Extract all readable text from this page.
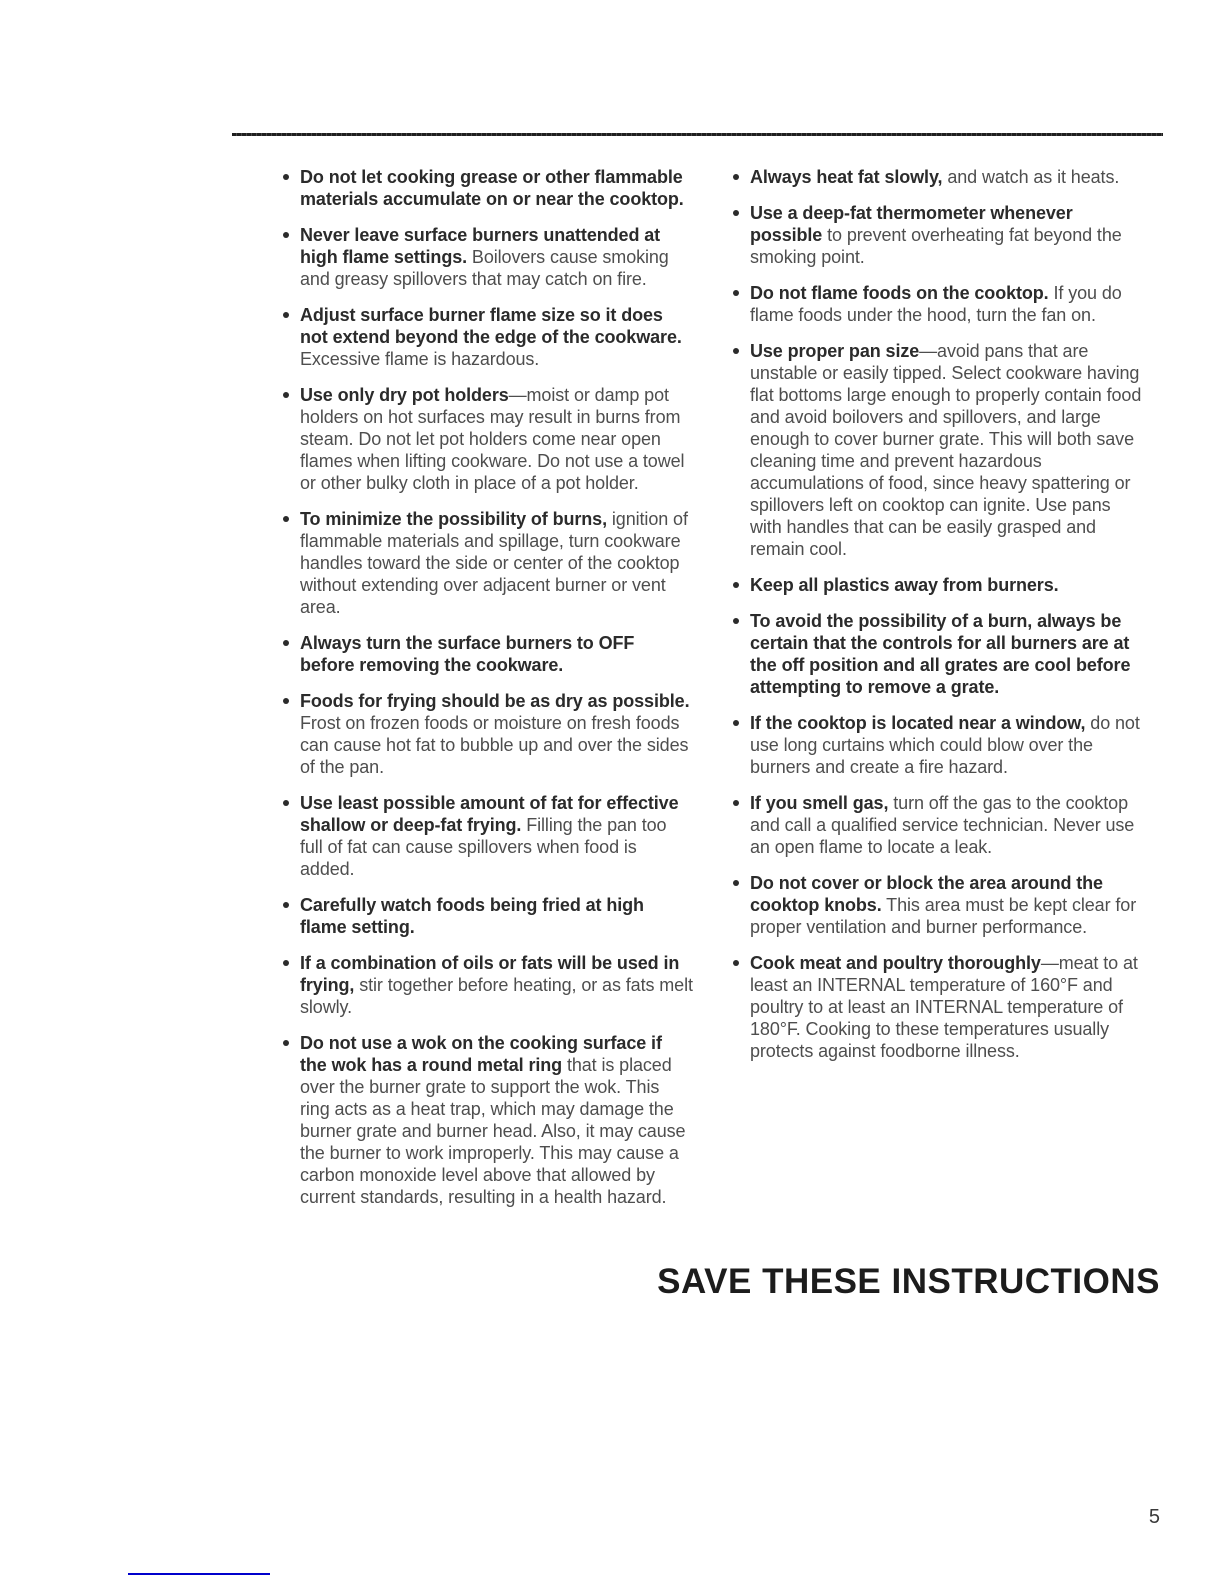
Do not let cooking grease or other flammable materials accumulate on or near the cooktop.
Never leave surface burners unattended at high flame settings. Boilovers cause smoking and greasy spillovers that may catch on fire.
Adjust surface burner flame size so it does not extend beyond the edge of the cookware. Excessive flame is hazardous.
Use only dry pot holders—moist or damp pot holders on hot surfaces may result in burns from steam. Do not let pot holders come near open flames when lifting cookware. Do not use a towel or other bulky cloth in place of a pot holder.
To minimize the possibility of burns, ignition of flammable materials and spillage, turn cookware handles toward the side or center of the cooktop without extending over adjacent burner or vent area.
Always turn the surface burners to OFF before removing the cookware.
Foods for frying should be as dry as possible. Frost on frozen foods or moisture on fresh foods can cause hot fat to bubble up and over the sides of the pan.
Use least possible amount of fat for effective shallow or deep-fat frying. Filling the pan too full of fat can cause spillovers when food is added.
Carefully watch foods being fried at high flame setting.
If a combination of oils or fats will be used in frying, stir together before heating, or as fats melt slowly.
Do not use a wok on the cooking surface if the wok has a round metal ring that is placed over the burner grate to support the wok. This ring acts as a heat trap, which may damage the burner grate and burner head. Also, it may cause the burner to work improperly. This may cause a carbon monoxide level above that allowed by current standards, resulting in a health hazard.
Always heat fat slowly, and watch as it heats.
Use a deep-fat thermometer whenever possible to prevent overheating fat beyond the smoking point.
Do not flame foods on the cooktop. If you do flame foods under the hood, turn the fan on.
Use proper pan size—avoid pans that are unstable or easily tipped. Select cookware having flat bottoms large enough to properly contain food and avoid boilovers and spillovers, and large enough to cover burner grate. This will both save cleaning time and prevent hazardous accumulations of food, since heavy spattering or spillovers left on cooktop can ignite. Use pans with handles that can be easily grasped and remain cool.
Keep all plastics away from burners.
To avoid the possibility of a burn, always be certain that the controls for all burners are at the off position and all grates are cool before attempting to remove a grate.
If the cooktop is located near a window, do not use long curtains which could blow over the burners and create a fire hazard.
If you smell gas, turn off the gas to the cooktop and call a qualified service technician. Never use an open flame to locate a leak.
Do not cover or block the area around the cooktop knobs. This area must be kept clear for proper ventilation and burner performance.
Cook meat and poultry thoroughly—meat to at least an INTERNAL temperature of 160°F and poultry to at least an INTERNAL temperature of 180°F. Cooking to these temperatures usually protects against foodborne illness.
SAVE THESE INSTRUCTIONS
5
